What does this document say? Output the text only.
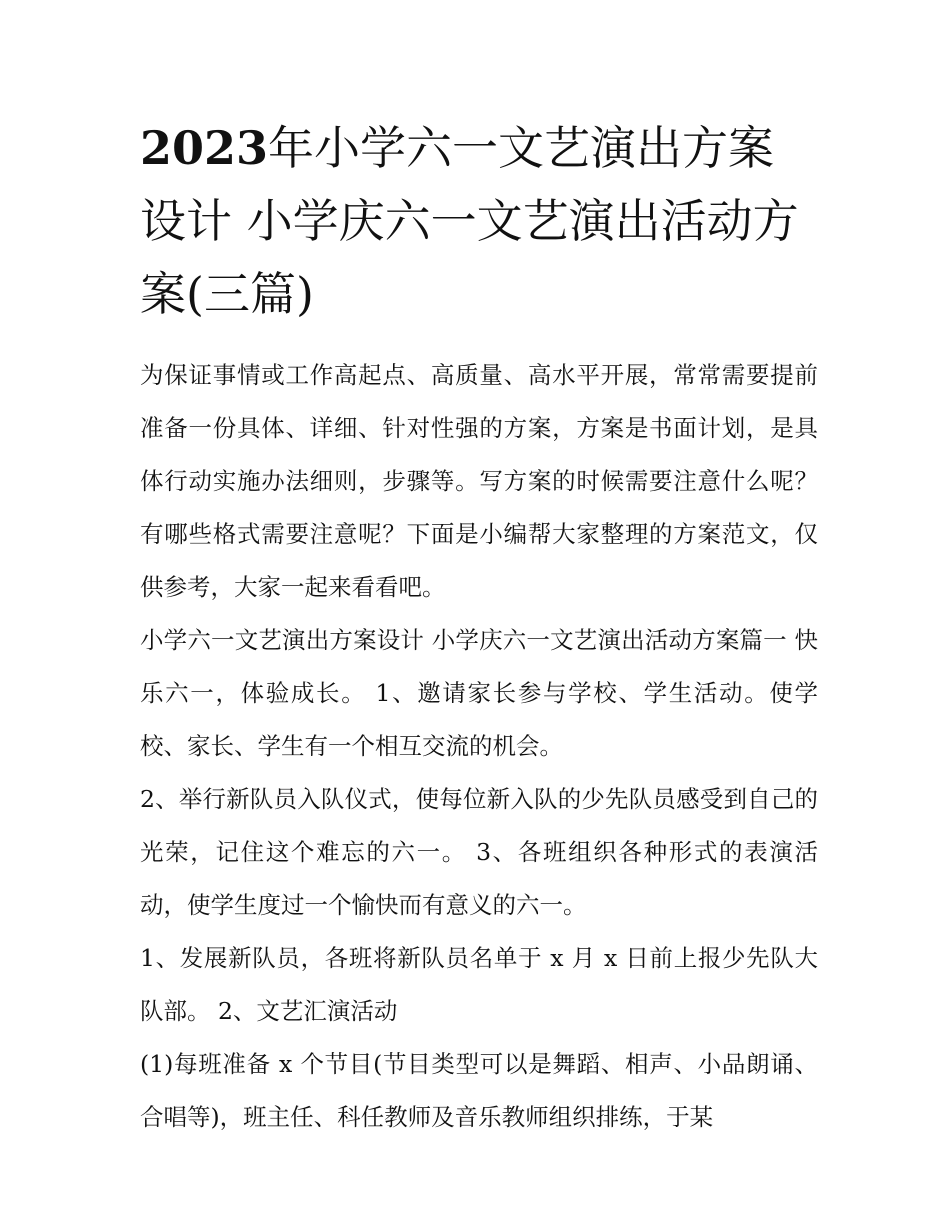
2023年小学六一文艺演出方案设计 小学庆六一文艺演出活动方案(三篇)

为保证事情或工作高起点、高质量、高水平开展，常常需要提前准备一份具体、详细、针对性强的方案，方案是书面计划，是具体行动实施办法细则，步骤等。写方案的时候需要注意什么呢？有哪些格式需要注意呢？下面是小编帮大家整理的方案范文，仅供参考，大家一起来看看吧。

小学六一文艺演出方案设计 小学庆六一文艺演出活动方案篇一 快乐六一，体验成长。 1、邀请家长参与学校、学生活动。使学校、家长、学生有一个相互交流的机会。

2、举行新队员入队仪式，使每位新入队的少先队员感受到自己的光荣，记住这个难忘的六一。 3、各班组织各种形式的表演活动，使学生度过一个愉快而有意义的六一。

1、发展新队员，各班将新队员名单于 x 月 x 日前上报少先队大队部。 2、文艺汇演活动

(1)每班准备 x 个节目(节目类型可以是舞蹈、相声、小品朗诵、合唱等)，班主任、科任教师及音乐教师组织排练，于某
